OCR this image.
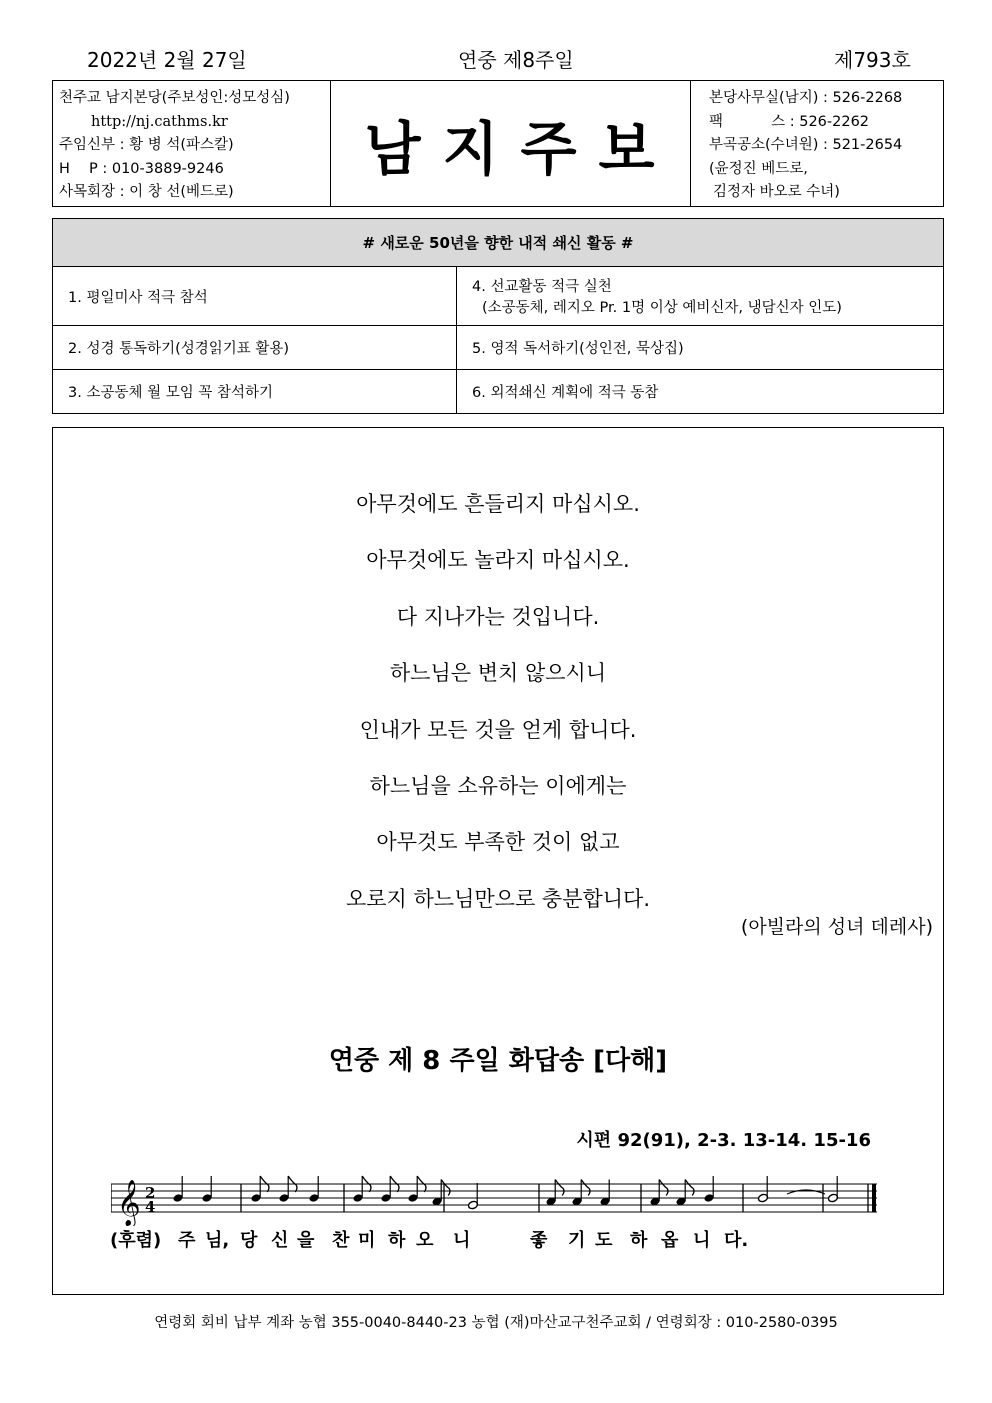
2022년 2월 27일	연중 제8주일	제793호
천주교 남지본당(주보성인:성모성심)
http://nj.cathms.kr
주임신부 : 황 병 석(파스칼)
H　 P : 010-3889-9246
사목회장 : 이 창 선(베드로)
남지주보
본당사무실(남지) : 526-2268
팩　　　 스 : 526-2262
부곡공소(수녀원) : 521-2654
(윤정진 베드로,
김정자 바오로 수녀)
# 새로운 50년을 향한 내적 쇄신 활동 #	
1. 평일미사 적극 참석	4. 선교활동 적극 실천
(소공동체, 레지오 Pr. 1명 이상 예비신자, 냉담신자 인도)

2. 성경 통독하기(성경읽기표 활용)	5. 영적 독서하기(성인전, 묵상집)
3. 소공동체 월 모임 꼭 참석하기	6. 외적쇄신 계획에 적극 동참
아무것에도 흔들리지 마십시오.
아무것에도 놀라지 마십시오.
다 지나가는 것입니다.
하느님은 변치 않으시니
인내가 모든 것을 얻게 합니다.
하느님을 소유하는 이에게는
아무것도 부족한 것이 없고
오로지 하느님만으로 충분합니다.
(아빌라의 성녀 데레사)
연중 제 8 주일 화답송 [다해]
시편 92(91), 2-3. 13-14. 15-16
𝄞 2
4
(후렴) 주 님, 당 신 을 찬 미 하 오 니	좋 기 도 하 옵 니 다.
연령회 회비 납부 계좌 농협 355-0040-8440-23 농협 (재)마산교구천주교회 / 연령회장 : 010-2580-0395
